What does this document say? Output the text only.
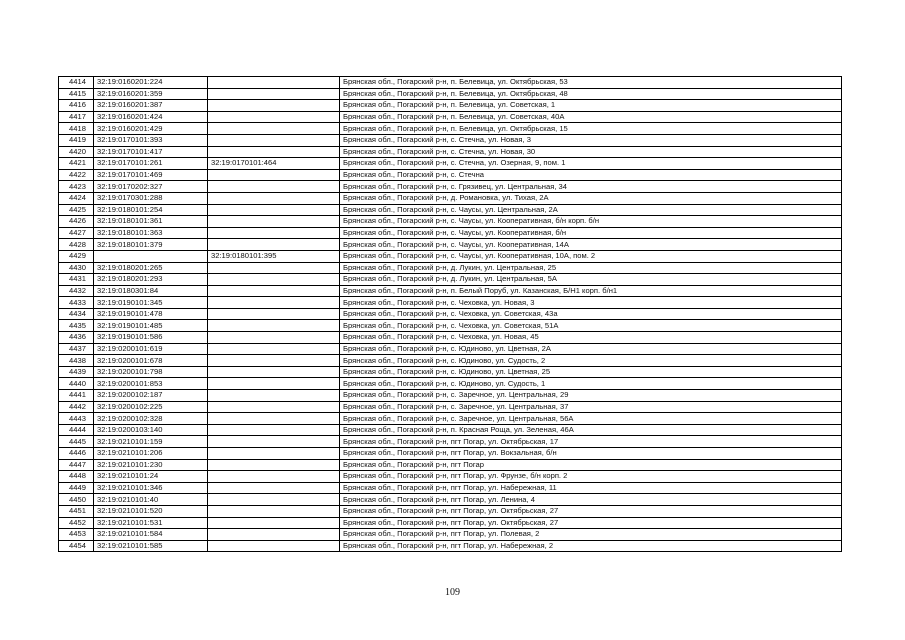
4414	32:19:0160201:224		Брянская обл., Погарский р-н, п. Белевица, ул. Октябрьская, 53
4415	32:19:0160201:359		Брянская обл., Погарский р-н, п. Белевица, ул. Октябрьская, 48
4416	32:19:0160201:387		Брянская обл., Погарский р-н, п. Белевица, ул. Советская, 1
4417	32:19:0160201:424		Брянская обл., Погарский р-н, п. Белевица, ул. Советская, 40А
4418	32:19:0160201:429		Брянская обл., Погарский р-н, п. Белевица, ул. Октябрьская, 15
4419	32:19:0170101:393		Брянская обл., Погарский р-н, с. Стечна, ул. Новая, 3
4420	32:19:0170101:417		Брянская обл., Погарский р-н, с. Стечна, ул. Новая, 30
4421	32:19:0170101:261	32:19:0170101:464	Брянская обл., Погарский р-н, с. Стечна, ул. Озерная, 9, пом. 1
4422	32:19:0170101:469		Брянская обл., Погарский р-н, с. Стечна
4423	32:19:0170202:327		Брянская обл., Погарский р-н, с. Грязивец, ул. Центральная, 34
4424	32:19:0170301:288		Брянская обл., Погарский р-н, д. Романовка, ул. Тихая, 2А
4425	32:19:0180101:254		Брянская обл., Погарский р-н, с. Чаусы, ул. Центральная, 2А
4426	32:19:0180101:361		Брянская обл., Погарский р-н, с. Чаусы, ул. Кооперативная, б/н корп. б/н
4427	32:19:0180101:363		Брянская обл., Погарский р-н, с. Чаусы, ул. Кооперативная, б/н
4428	32:19:0180101:379		Брянская обл., Погарский р-н, с. Чаусы, ул. Кооперативная, 14А
4429		32:19:0180101:395	Брянская обл., Погарский р-н, с. Чаусы, ул. Кооперативная, 10А, пом. 2
4430	32:19:0180201:265		Брянская обл., Погарский р-н, д. Лукин, ул. Центральная, 25
4431	32:19:0180201:293		Брянская обл., Погарский р-н, д. Лукин, ул. Центральная, 5А
4432	32:19:0180301:84		Брянская обл., Погарский р-н, п. Белый Поруб, ул. Казанская, Б/Н1 корп. б/н1
4433	32:19:0190101:345		Брянская обл., Погарский р-н, с. Чеховка, ул. Новая, 3
4434	32:19:0190101:478		Брянская обл., Погарский р-н, с. Чеховка, ул. Советская, 43а
4435	32:19:0190101:485		Брянская обл., Погарский р-н, с. Чеховка, ул. Советская, 51А
4436	32:19:0190101:586		Брянская обл., Погарский р-н, с. Чеховка, ул. Новая, 45
4437	32:19:0200101:619		Брянская обл., Погарский р-н, с. Юдиново, ул. Цветная, 2А
4438	32:19:0200101:678		Брянская обл., Погарский р-н, с. Юдиново, ул. Судость, 2
4439	32:19:0200101:798		Брянская обл., Погарский р-н, с. Юдиново, ул. Цветная, 25
4440	32:19:0200101:853		Брянская обл., Погарский р-н, с. Юдиново, ул. Судость, 1
4441	32:19:0200102:187		Брянская обл., Погарский р-н, с. Заречное, ул. Центральная, 29
4442	32:19:0200102:225		Брянская обл., Погарский р-н, с. Заречное, ул. Центральная, 37
4443	32:19:0200102:328		Брянская обл., Погарский р-н, с. Заречное, ул. Центральная, 56А
4444	32:19:0200103:140		Брянская обл., Погарский р-н, п. Красная Роща, ул. Зеленая, 46А
4445	32:19:0210101:159		Брянская обл., Погарский р-н, пгт Погар, ул. Октябрьская, 17
4446	32:19:0210101:206		Брянская обл., Погарский р-н, пгт Погар, ул. Вокзальная, б/н
4447	32:19:0210101:230		Брянская обл., Погарский р-н, пгт Погар
4448	32:19:0210101:24		Брянская обл., Погарский р-н, пгт Погар, ул. Фрунзе, б/н корп. 2
4449	32:19:0210101:346		Брянская обл., Погарский р-н, пгт Погар, ул. Набережная, 11
4450	32:19:0210101:40		Брянская обл., Погарский р-н, пгт Погар, ул. Ленина, 4
4451	32:19:0210101:520		Брянская обл., Погарский р-н, пгт Погар, ул. Октябрьская, 27
4452	32:19:0210101:531		Брянская обл., Погарский р-н, пгт Погар, ул. Октябрьская, 27
4453	32:19:0210101:584		Брянская обл., Погарский р-н, пгт Погар, ул. Полевая, 2
4454	32:19:0210101:585		Брянская обл., Погарский р-н, пгт Погар, ул. Набережная, 2
109
